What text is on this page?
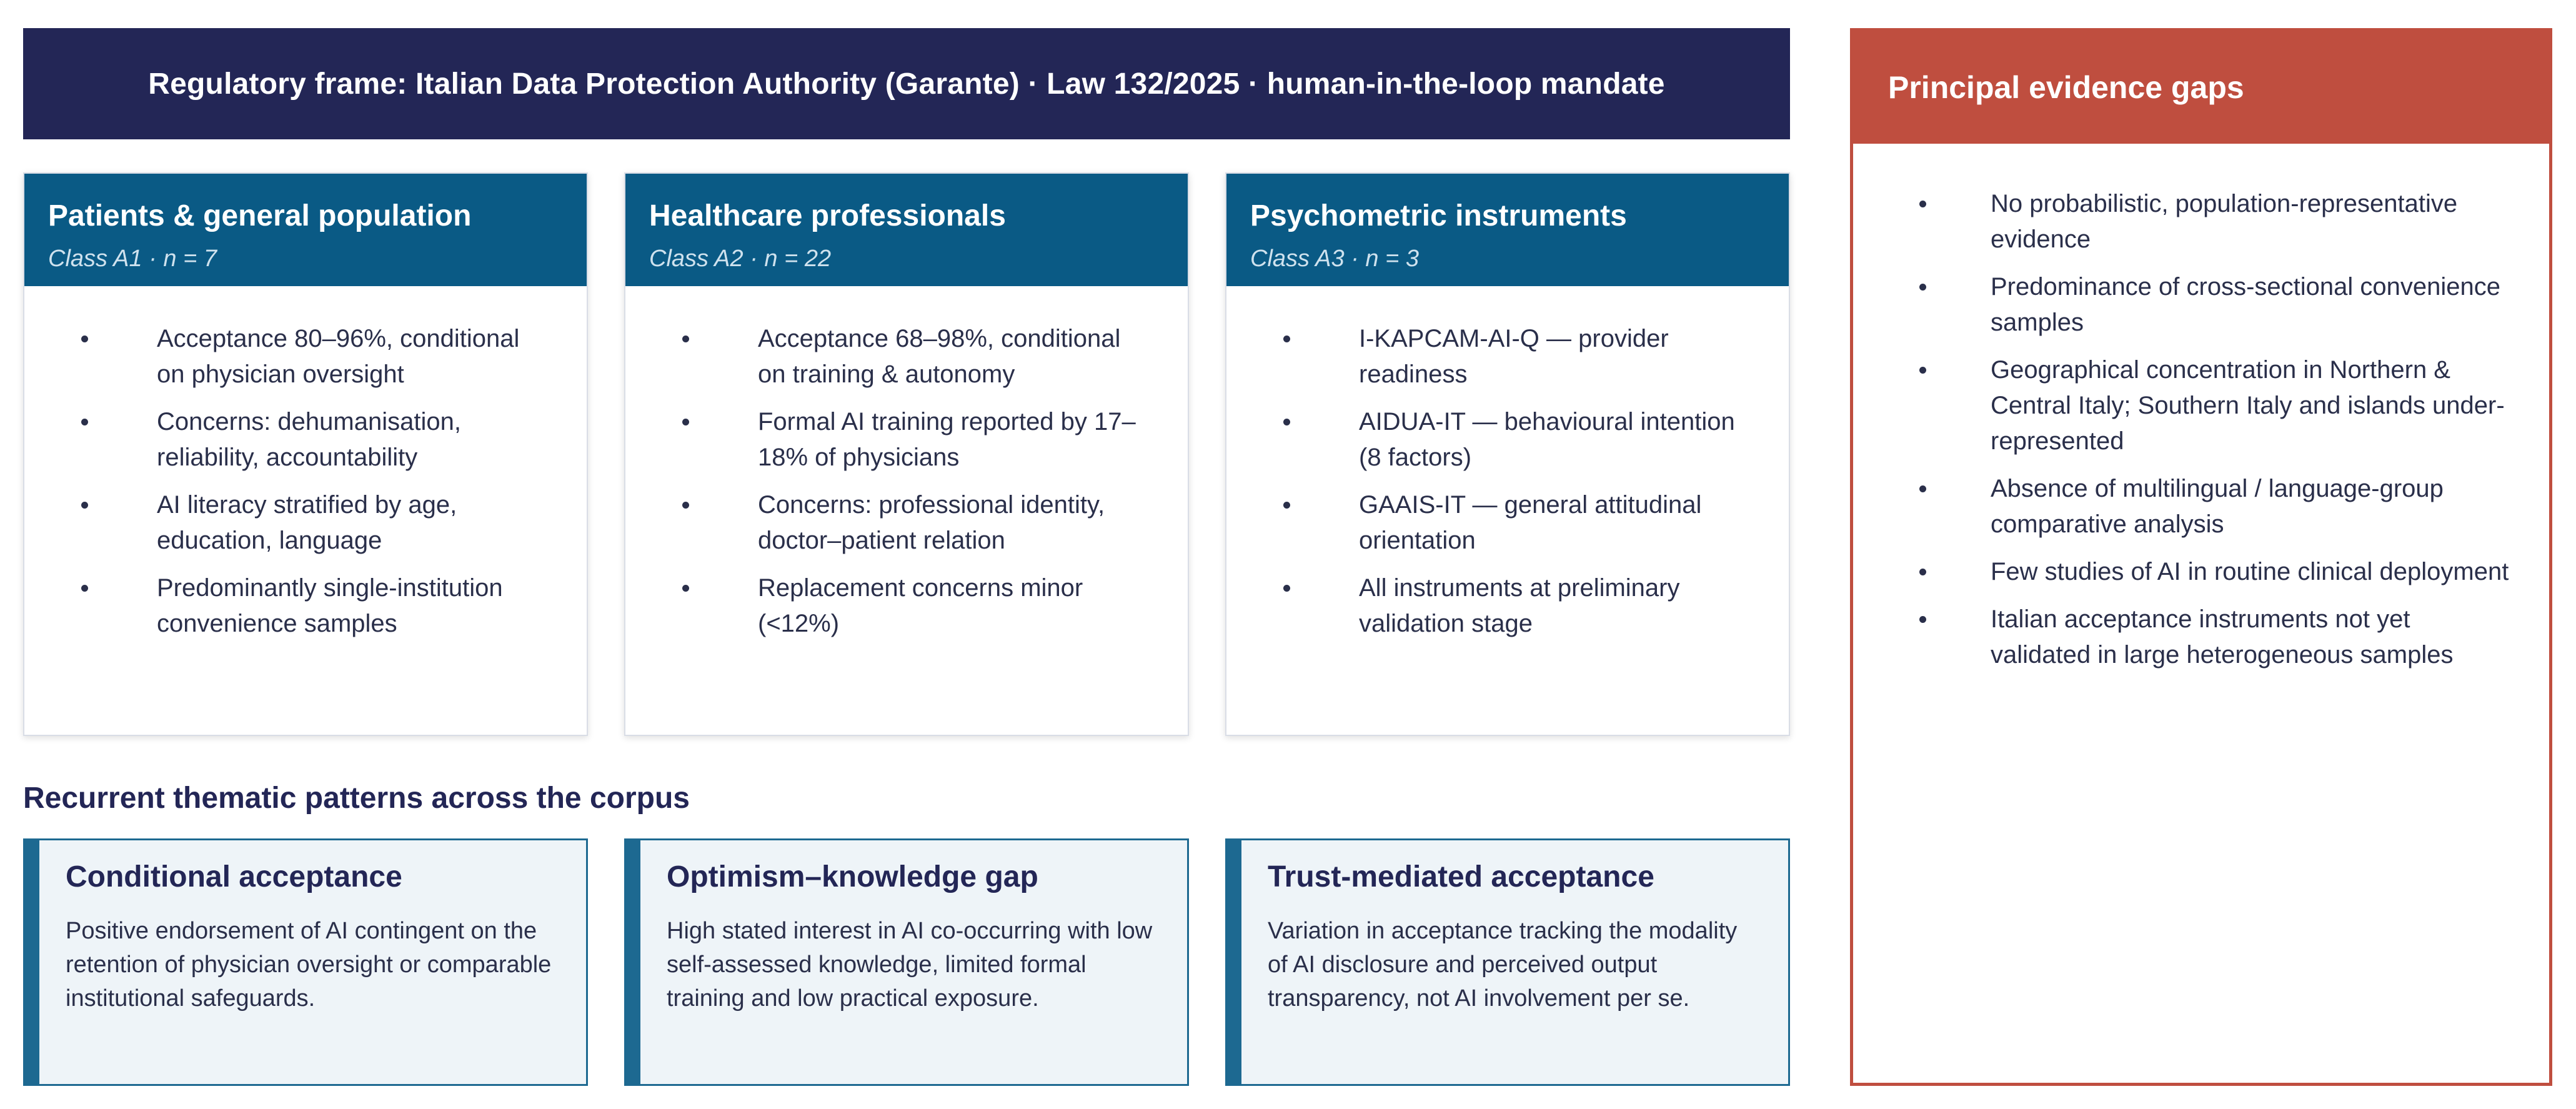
Regulatory frame: Italian Data Protection Authority (Garante) · Law 132/2025 · human-in-the-loop mandate
Patients & general population
Class A1 · n = 7
Acceptance 80–96%, conditional on physician oversight
Concerns: dehumanisation, reliability, accountability
AI literacy stratified by age, education, language
Predominantly single-institution convenience samples
Healthcare professionals
Class A2 · n = 22
Acceptance 68–98%, conditional on training & autonomy
Formal AI training reported by 17–18% of physicians
Concerns: professional identity, doctor–patient relation
Replacement concerns minor (<12%)
Psychometric instruments
Class A3 · n = 3
I-KAPCAM-AI-Q — provider readiness
AIDUA-IT — behavioural intention (8 factors)
GAAIS-IT — general attitudinal orientation
All instruments at preliminary validation stage
Recurrent thematic patterns across the corpus
Conditional acceptance
Positive endorsement of AI contingent on the retention of physician oversight or comparable institutional safeguards.
Optimism–knowledge gap
High stated interest in AI co-occurring with low self-assessed knowledge, limited formal training and low practical exposure.
Trust-mediated acceptance
Variation in acceptance tracking the modality of AI disclosure and perceived output transparency, not AI involvement per se.
Principal evidence gaps
No probabilistic, population-representative evidence
Predominance of cross-sectional convenience samples
Geographical concentration in Northern & Central Italy; Southern Italy and islands under-represented
Absence of multilingual / language-group comparative analysis
Few studies of AI in routine clinical deployment
Italian acceptance instruments not yet validated in large heterogeneous samples
